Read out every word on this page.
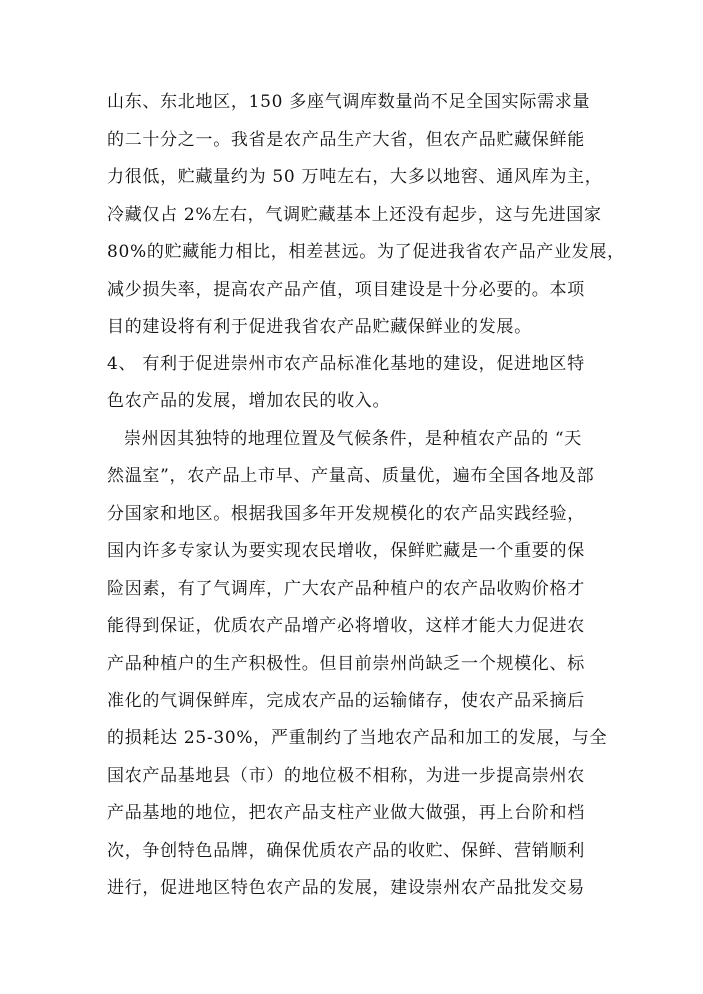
山东、东北地区，150 多座气调库数量尚不足全国实际需求量
的二十分之一。我省是农产品生产大省，但农产品贮藏保鲜能
力很低，贮藏量约为 50 万吨左右，大多以地窖、通风库为主，
冷藏仅占 2%左右，气调贮藏基本上还没有起步，这与先进国家
80%的贮藏能力相比，相差甚远。为了促进我省农产品产业发展，
减少损失率，提高农产品产值，项目建设是十分必要的。本项
目的建设将有利于促进我省农产品贮藏保鲜业的发展。
4、 有利于促进崇州市农产品标准化基地的建设，促进地区特
色农产品的发展，增加农民的收入。
崇州因其独特的地理位置及气候条件，是种植农产品的 “天
然温室”，农产品上市早、产量高、质量优，遍布全国各地及部
分国家和地区。根据我国多年开发规模化的农产品实践经验，
国内许多专家认为要实现农民增收，保鲜贮藏是一个重要的保
险因素，有了气调库，广大农产品种植户的农产品收购价格才
能得到保证，优质农产品增产必将增收，这样才能大力促进农
产品种植户的生产积极性。但目前崇州尚缺乏一个规模化、标
准化的气调保鲜库，完成农产品的运输储存，使农产品采摘后
的损耗达 25-30%，严重制约了当地农产品和加工的发展，与全
国农产品基地县（市）的地位极不相称，为进一步提高崇州农
产品基地的地位，把农产品支柱产业做大做强，再上台阶和档
次，争创特色品牌，确保优质农产品的收贮、保鲜、营销顺利
进行，促进地区特色农产品的发展，建设崇州农产品批发交易
